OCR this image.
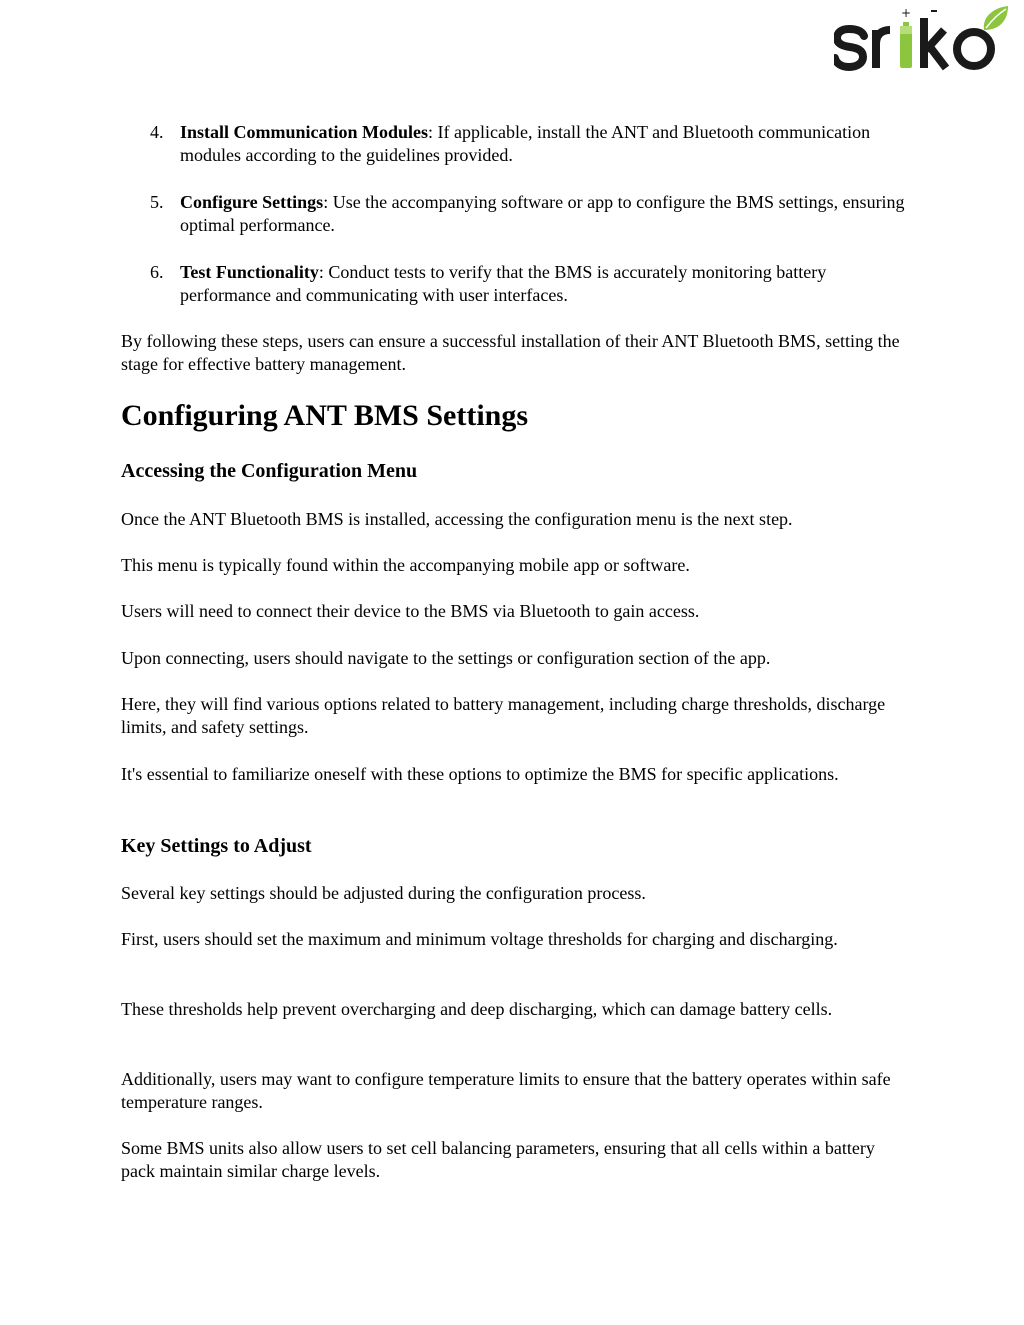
+
4. Install Communication Modules: If applicable, install the ANT and Bluetooth communication modules according to the guidelines provided.
5. Configure Settings: Use the accompanying software or app to configure the BMS settings, ensuring optimal performance.
6. Test Functionality: Conduct tests to verify that the BMS is accurately monitoring battery performance and communicating with user interfaces.
By following these steps, users can ensure a successful installation of their ANT Bluetooth BMS, setting the stage for effective battery management.
Configuring ANT BMS Settings
Accessing the Configuration Menu
Once the ANT Bluetooth BMS is installed, accessing the configuration menu is the next step.
This menu is typically found within the accompanying mobile app or software.
Users will need to connect their device to the BMS via Bluetooth to gain access.
Upon connecting, users should navigate to the settings or configuration section of the app.
Here, they will find various options related to battery management, including charge thresholds, discharge limits, and safety settings.
It's essential to familiarize oneself with these options to optimize the BMS for specific applications.
Key Settings to Adjust
Several key settings should be adjusted during the configuration process.
First, users should set the maximum and minimum voltage thresholds for charging and discharging.
These thresholds help prevent overcharging and deep discharging, which can damage battery cells.
Additionally, users may want to configure temperature limits to ensure that the battery operates within safe temperature ranges.
Some BMS units also allow users to set cell balancing parameters, ensuring that all cells within a battery pack maintain similar charge levels.
